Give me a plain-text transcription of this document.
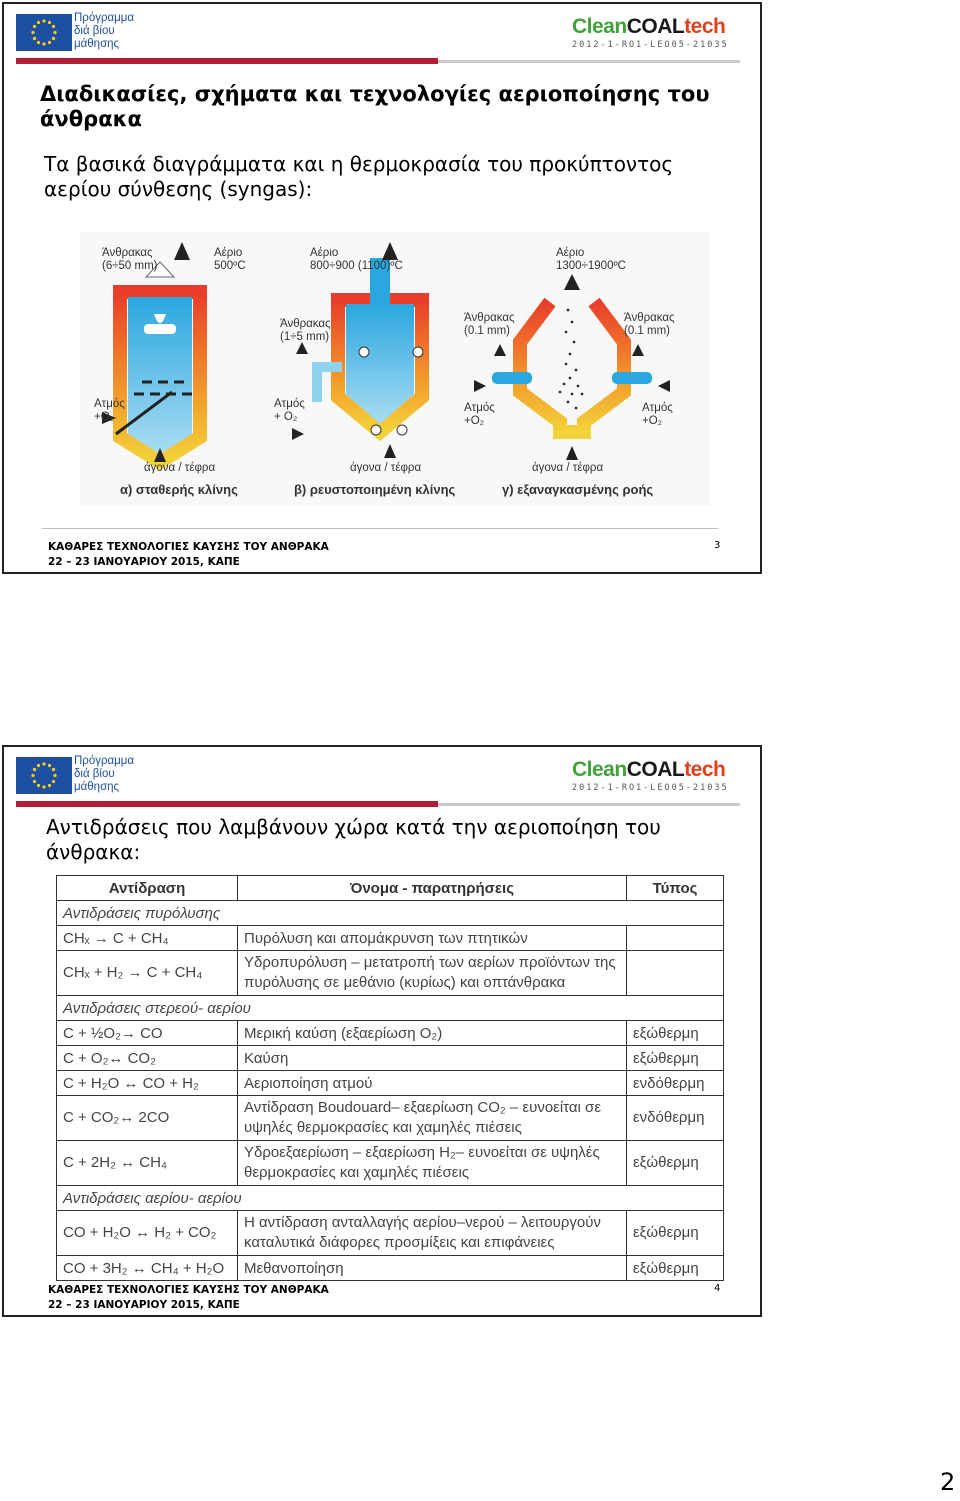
Πρόγραμμα
διά βίου
μάθησης
CleanCOALtech
2012-1-RO1-LEO05-21035
Διαδικασίες, σχήματα και τεχνολογίες αεριοποίησης του άνθρακα
Τα βασικά διαγράμματα και η θερμοκρασία του προκύπτοντος αερίου σύνθεσης (syngas):
Άνθρακας
(6÷50 mm)
Αέριο
500ºC
Ατμός
+O₂
άγονα / τέφρα
α) σταθερής κλίνης
Αέριο
800÷900 (1100)ºC
Άνθρακας
(1÷5 mm)
Ατμός
+ O₂
άγονα / τέφρα
β) ρευστοποιημένη κλίνης
Αέριο
1300÷1900ºC
Άνθρακας
(0.1 mm)
Άνθρακας
(0.1 mm)
Ατμός
+O₂
Ατμός
+O₂
άγονα / τέφρα
γ) εξαναγκασμένης ροής
ΚΑΘΑΡΕΣ ΤΕΧΝΟΛΟΓΙΕΣ ΚΑΥΣΗΣ ΤΟΥ ΑΝΘΡΑΚΑ
22 – 23 ΙΑΝΟΥΑΡΙΟΥ 2015, ΚΑΠΕ
3
Πρόγραμμα
διά βίου
μάθησης
CleanCOALtech
2012-1-RO1-LEO05-21035
Αντιδράσεις που λαμβάνουν χώρα κατά την αεριοποίηση του άνθρακα:
Αντίδραση	Όνομα - παρατηρήσεις	Τύπος
Αντιδράσεις πυρόλυσης		
CHₓ → C + CH₄	Πυρόλυση και απομάκρυνση των πτητικών	
CHₓ + H₂ → C + CH₄	Υδροπυρόλυση – μετατροπή των αερίων προϊόντων της πυρόλυσης σε μεθάνιο (κυρίως) και οπτάνθρακα	
Αντιδράσεις στερεού- αερίου		
C + ½O₂→ CO	Μερική καύση (εξαερίωση O₂)	εξώθερμη
C + O₂↔ CO₂	Καύση	εξώθερμη
C + H₂O ↔ CO + H₂	Αεριοποίηση ατμού	ενδόθερμη
C + CO₂↔ 2CO	Αντίδραση Boudouard– εξαερίωση CO₂ – ευνοείται σε υψηλές θερμοκρασίες και χαμηλές πιέσεις	ενδόθερμη
C + 2H₂ ↔ CH₄	Υδροεξαερίωση – εξαερίωση H₂– ευνοείται σε υψηλές θερμοκρασίες και χαμηλές πιέσεις	εξώθερμη
Αντιδράσεις αερίου- αερίου		
CO + H₂O ↔ H₂ + CO₂	Η αντίδραση ανταλλαγής αερίου–νερού – λειτουργούν καταλυτικά διάφορες προσμίξεις και επιφάνειες	εξώθερμη
CO + 3H₂ ↔ CH₄ + H₂O	Μεθανοποίηση	εξώθερμη
ΚΑΘΑΡΕΣ ΤΕΧΝΟΛΟΓΙΕΣ ΚΑΥΣΗΣ ΤΟΥ ΑΝΘΡΑΚΑ
22 – 23 ΙΑΝΟΥΑΡΙΟΥ 2015, ΚΑΠΕ
4
2
